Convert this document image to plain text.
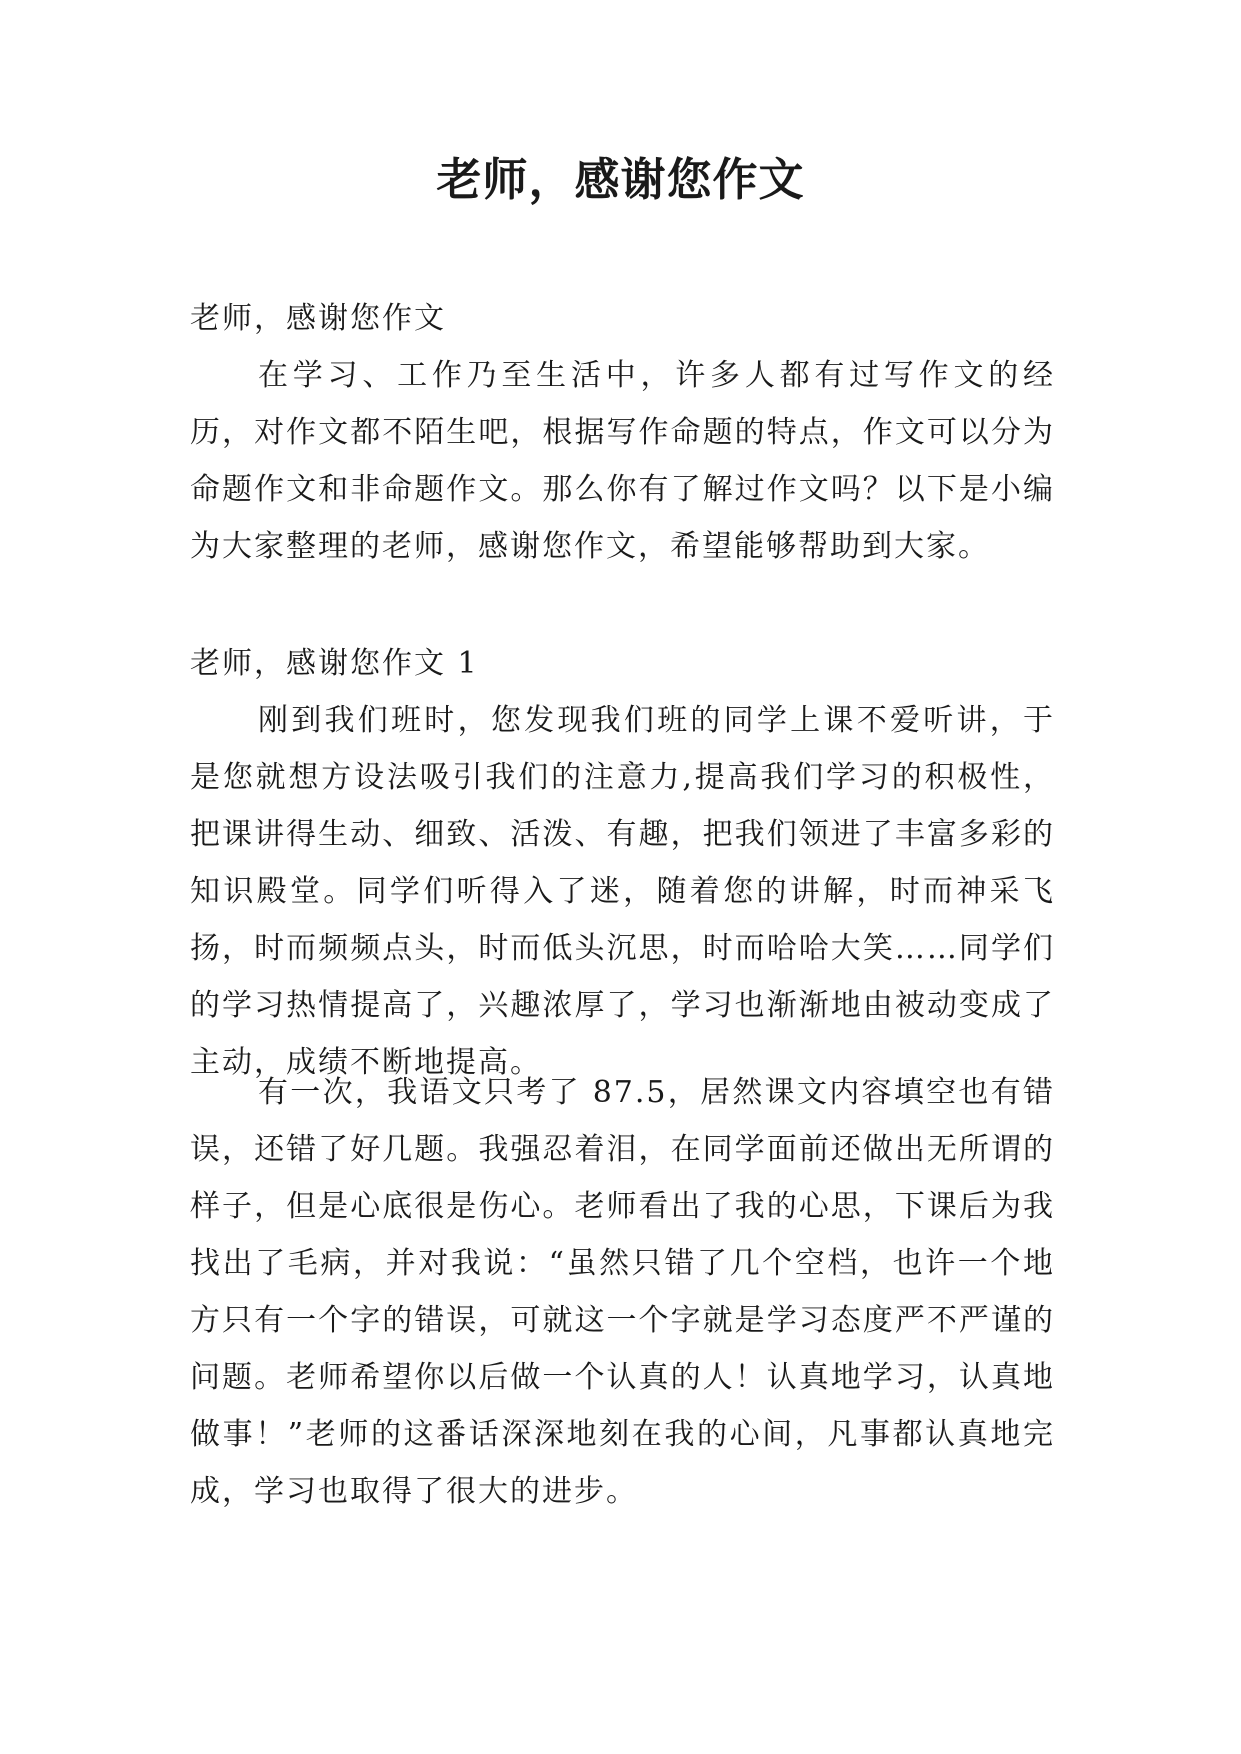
老师，感谢您作文

老师，感谢您作文

在学习、工作乃至生活中，许多人都有过写作文的经历，对作文都不陌生吧，根据写作命题的特点，作文可以分为命题作文和非命题作文。那么你有了解过作文吗？以下是小编为大家整理的老师，感谢您作文，希望能够帮助到大家。

老师，感谢您作文 1

刚到我们班时，您发现我们班的同学上课不爱听讲，于是您就想方设法吸引我们的注意力,提高我们学习的积极性，把课讲得生动、细致、活泼、有趣，把我们领进了丰富多彩的知识殿堂。同学们听得入了迷，随着您的讲解，时而神采飞扬，时而频频点头，时而低头沉思，时而哈哈大笑……同学们的学习热情提高了，兴趣浓厚了，学习也渐渐地由被动变成了主动，成绩不断地提高。

有一次，我语文只考了 87.5，居然课文内容填空也有错误，还错了好几题。我强忍着泪，在同学面前还做出无所谓的样子，但是心底很是伤心。老师看出了我的心思，下课后为我找出了毛病，并对我说：“虽然只错了几个空档，也许一个地方只有一个字的错误，可就这一个字就是学习态度严不严谨的问题。老师希望你以后做一个认真的人！认真地学习，认真地做事！”老师的这番话深深地刻在我的心间，凡事都认真地完成，学习也取得了很大的进步。
